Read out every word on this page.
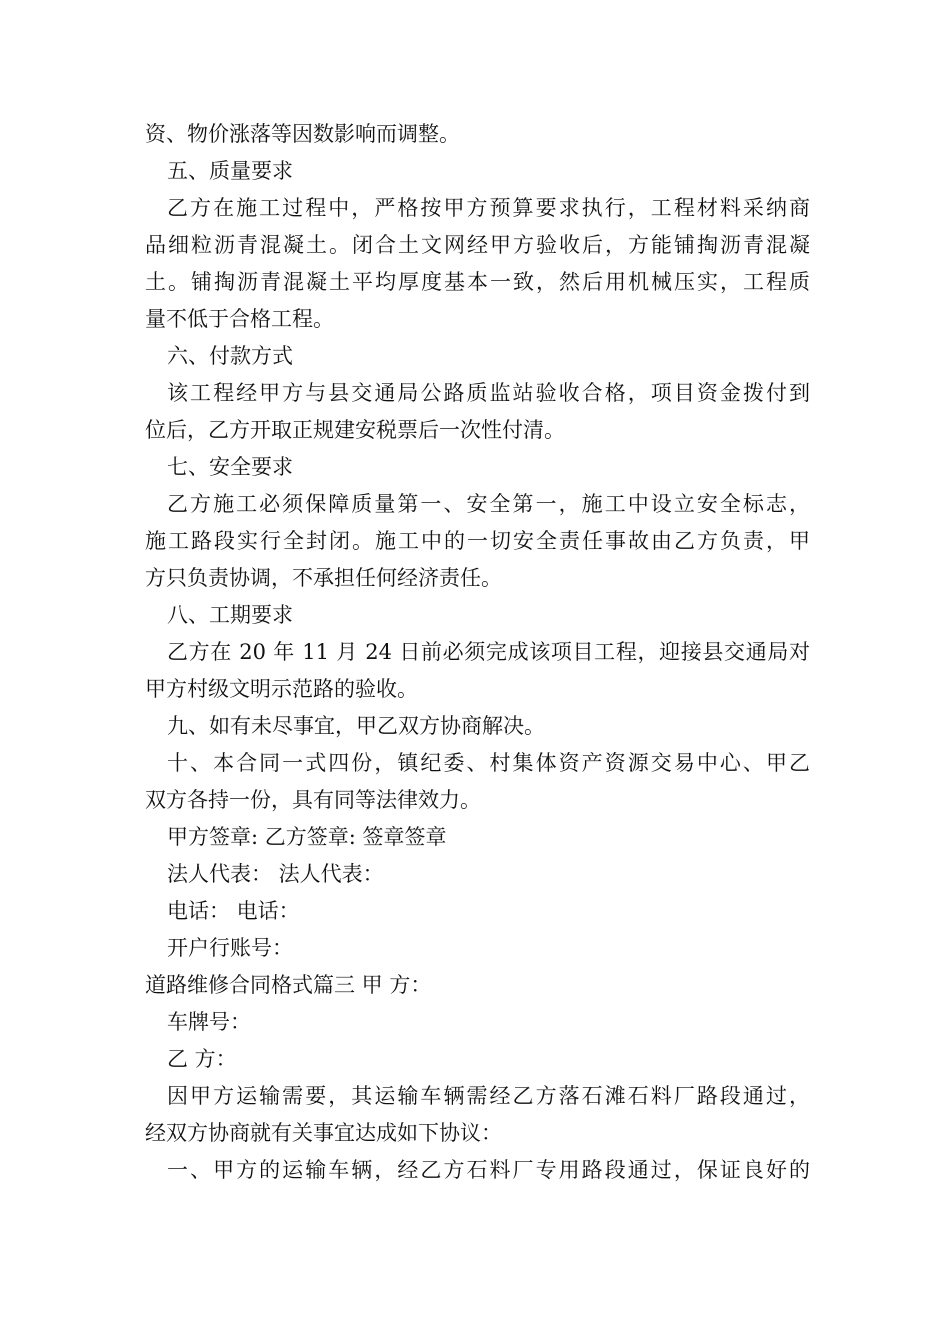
资、物价涨落等因数影响而调整。
五、质量要求
乙方在施工过程中，严格按甲方预算要求执行，工程材料采纳商
品细粒沥青混凝土。闭合土文网经甲方验收后，方能铺掏沥青混凝
土。铺掏沥青混凝土平均厚度基本一致，然后用机械压实，工程质
量不低于合格工程。
六、付款方式
该工程经甲方与县交通局公路质监站验收合格，项目资金拨付到
位后，乙方开取正规建安税票后一次性付清。
七、安全要求
乙方施工必须保障质量第一、安全第一，施工中设立安全标志，
施工路段实行全封闭。施工中的一切安全责任事故由乙方负责，甲
方只负责协调，不承担任何经济责任。
八、工期要求
乙方在 20 年 11 月 24 日前必须完成该项目工程，迎接县交通局对
甲方村级文明示范路的验收。
九、如有未尽事宜，甲乙双方协商解决。
十、本合同一式四份，镇纪委、村集体资产资源交易中心、甲乙
双方各持一份，具有同等法律效力。
甲方签章: 乙方签章: 签章签章
法人代表： 法人代表：
电话： 电话：
开户行账号：
道路维修合同格式篇三 甲 方：
车牌号：
乙 方：
因甲方运输需要，其运输车辆需经乙方落石滩石料厂路段通过，
经双方协商就有关事宜达成如下协议：
一、甲方的运输车辆，经乙方石料厂专用路段通过，保证良好的
